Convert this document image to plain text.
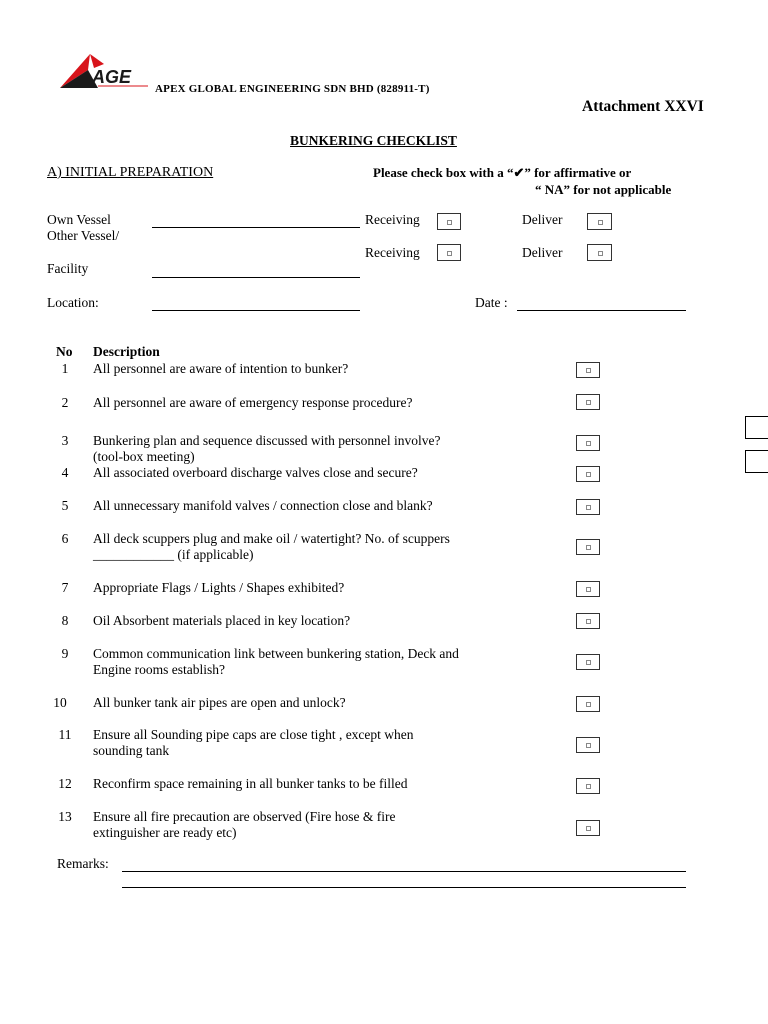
AGE
APEX GLOBAL ENGINEERING SDN BHD (828911-T)
Attachment XXVI
BUNKERING CHECKLIST
A) INITIAL PREPARATION	Please check box with a “✔” for affirmative or
“ NA” for not applicable
Own Vessel
Other Vessel/
Receiving	Deliver
Receiving	Deliver
Facility
Location:	Date :
No Description
1	All personnel are aware of intention to bunker?
2	All personnel are aware of emergency response procedure?
3	Bunkering plan and sequence discussed with personnel involve?
(tool-box meeting)
4	All associated overboard discharge valves close and secure?
5	All unnecessary manifold valves / connection close and blank?
6	All deck scuppers plug and make oil / watertight? No. of scuppers
____________ (if applicable)
7	Appropriate Flags / Lights / Shapes exhibited?
8	Oil Absorbent materials placed in key location?
9	Common communication link between bunkering station, Deck and
Engine rooms establish?
10	All bunker tank air pipes are open and unlock?
11	Ensure all Sounding pipe caps are close tight , except when
sounding tank
12	Reconfirm space remaining in all bunker tanks to be filled
13	Ensure all fire precaution are observed (Fire hose & fire
extinguisher are ready etc)
Remarks:
